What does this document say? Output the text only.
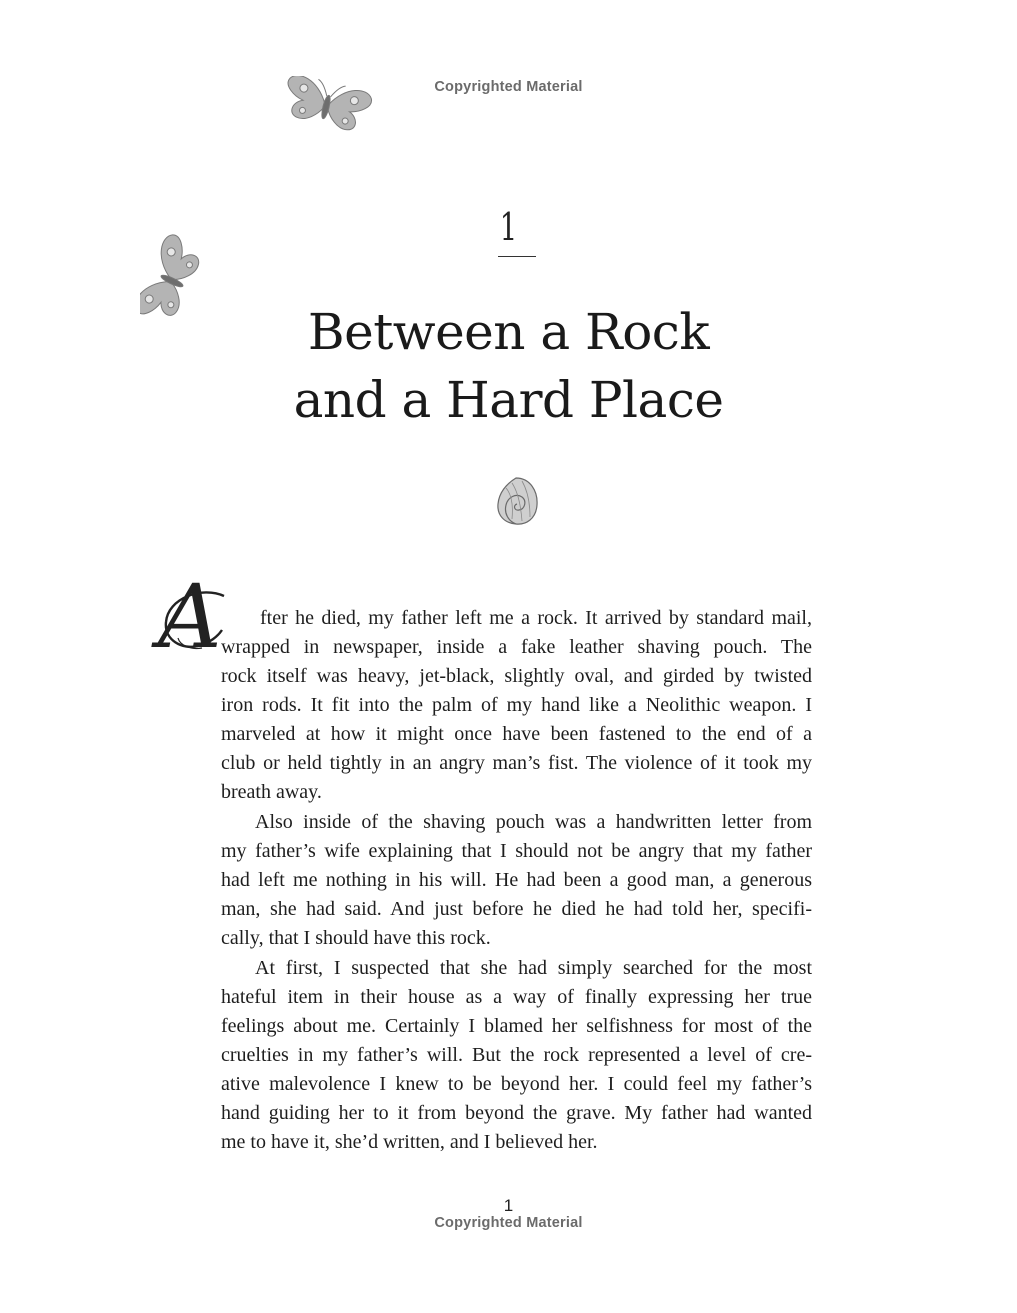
Copyrighted Material
1
Between a Rock
and a Hard Place
A fter he died, my father left me a rock. It arrived by standard mail,
wrapped in newspaper, inside a fake leather shaving pouch. The
rock itself was heavy, jet-black, slightly oval, and girded by twisted
iron rods. It fit into the palm of my hand like a Neolithic weapon. I
marveled at how it might once have been fastened to the end of a
club or held tightly in an angry man’s fist. The violence of it took my
breath away.
Also inside of the shaving pouch was a handwritten letter from
my father’s wife explaining that I should not be angry that my father
had left me nothing in his will. He had been a good man, a generous
man, she had said. And just before he died he had told her, specifi-
cally, that I should have this rock.
At first, I suspected that she had simply searched for the most
hateful item in their house as a way of finally expressing her true
feelings about me. Certainly I blamed her selfishness for most of the
cruelties in my father’s will. But the rock represented a level of cre-
ative malevolence I knew to be beyond her. I could feel my father’s
hand guiding her to it from beyond the grave. My father had wanted
me to have it, she’d written, and I believed her.
1
Copyrighted Material
